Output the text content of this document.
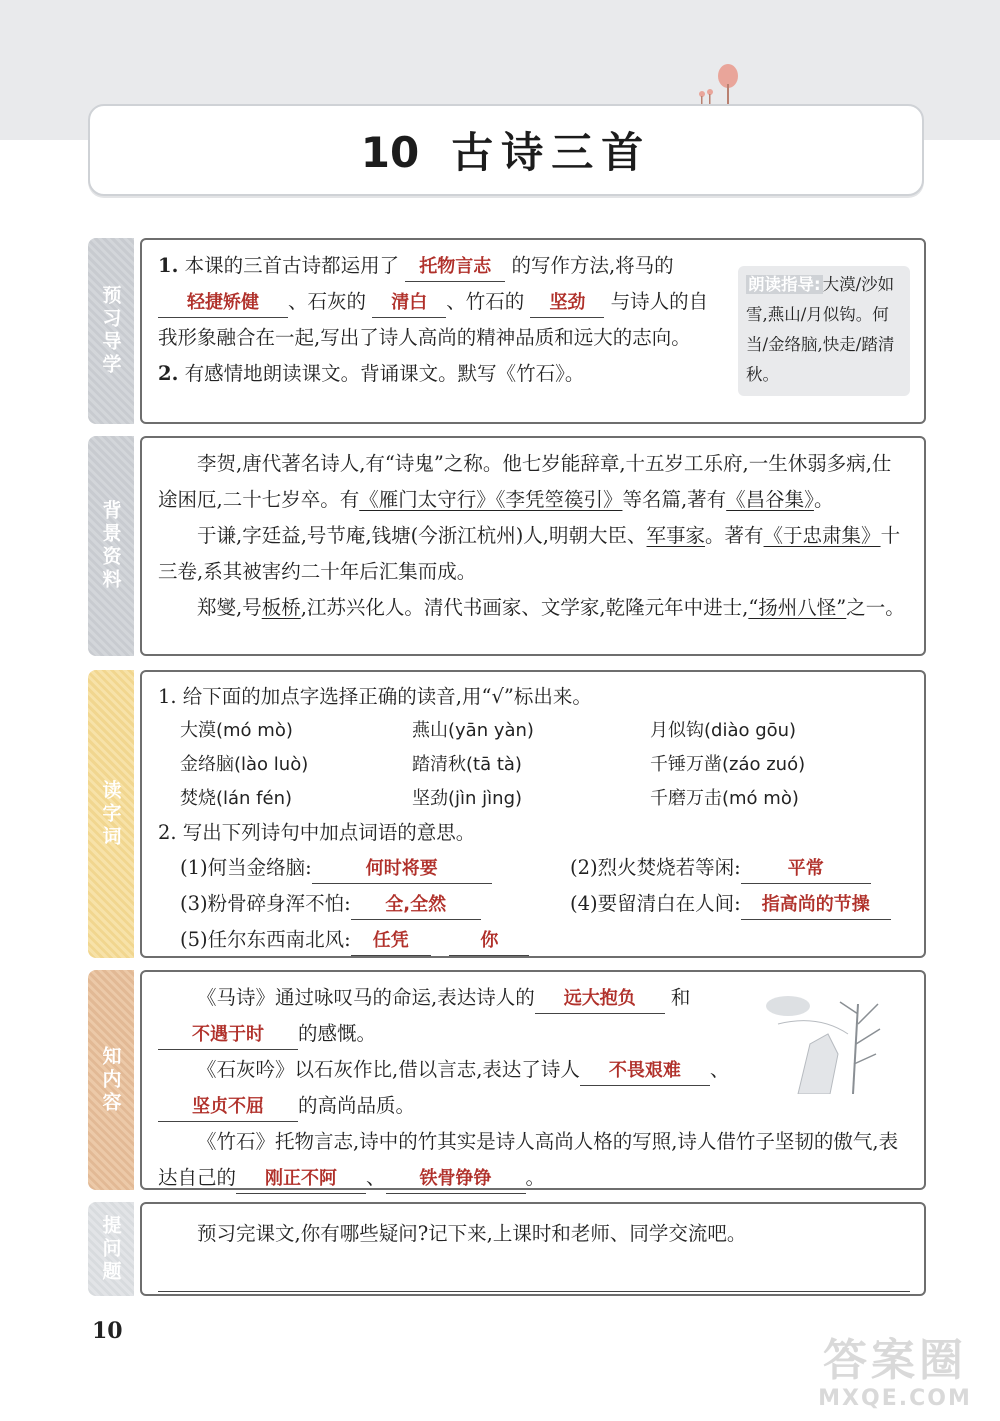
10 古诗三首
预习导学
1. 本课的三首古诗都运用了 托物言志 的写作方法,将马的 轻捷矫健 、石灰的 清白 、竹石的 坚劲 与诗人的自我形象融合在一起,写出了诗人高尚的精神品质和远大的志向。
2. 有感情地朗读课文。背诵课文。默写《竹石》。
朗读指导: 大漠/沙如雪,燕山/月似钩。何当/金络脑,快走/踏清秋。
背景资料
李贺,唐代著名诗人,有“诗鬼”之称。他七岁能辞章,十五岁工乐府,一生休弱多病,仕途困厄,二十七岁卒。有《雁门太守行》《李凭箜篌引》等名篇,著有《昌谷集》。
于谦,字廷益,号节庵,钱塘(今浙江杭州)人,明朝大臣、军事家。著有《于忠肃集》十三卷,系其被害约二十年后汇集而成。
郑燮,号板桥,江苏兴化人。清代书画家、文学家,乾隆元年中进士,“扬州八怪”之一。
读字词
1. 给下面的加点字选择正确的读音,用“√”标出来。
大漠(mó mò)	燕山(yān yàn)	月似钩(diào gōu)
金络脑(lào luò)	踏清秋(tā tà)	千锤万凿(záo zuó)
焚烧(lán fén)	坚劲(jìn jìng)	千磨万击(mó mò)
2. 写出下列诗句中加点词语的意思。
(1)何当金络脑:	何时将要	(2)烈火焚烧若等闲:	平常
(3)粉骨碎身浑不怕: 全,全然	(4)要留清白在人间: 指高尚的节操
(5)任尔东西南北风: 任凭	你
知内容
《马诗》通过咏叹马的命运,表达诗人的 远大抱负 和不遇于时 的感慨。
《石灰吟》以石灰作比,借以言志,表达了诗人 不畏艰难 、坚贞不屈 的高尚品质。
《竹石》托物言志,诗中的竹其实是诗人高尚人格的写照,诗人借竹子坚韧的傲气,表达自己的 刚正不阿 、 铁骨铮铮 。
提问题	预习完课文,你有哪些疑问?记下来,上课时和老师、同学交流吧。
10
答案圈
MXQE.COM
